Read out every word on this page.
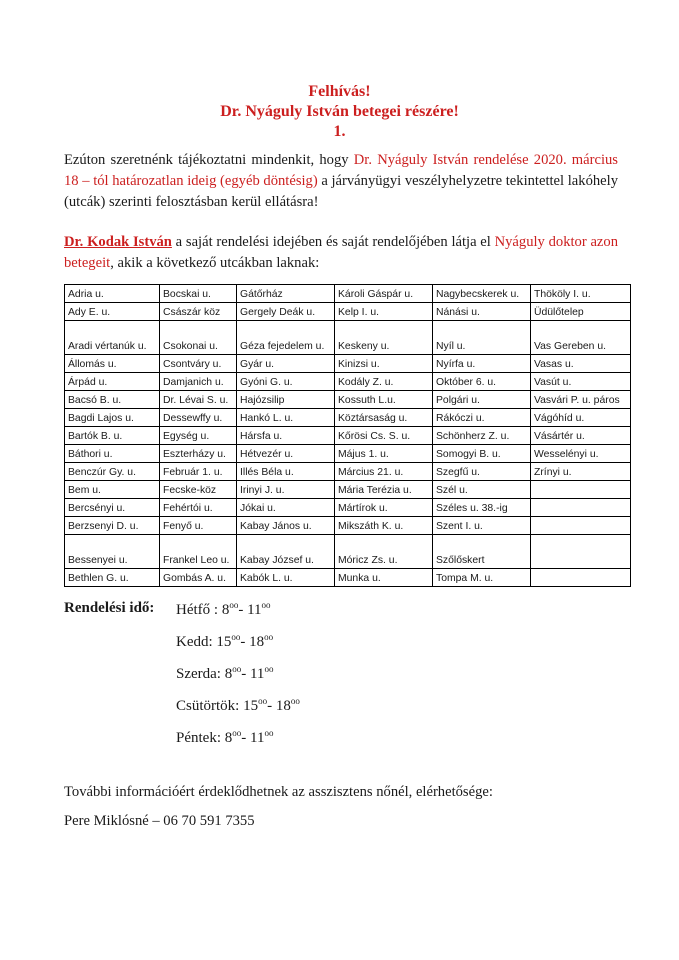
Felhívás!
Dr. Nyáguly István betegei részére!
1.
Ezúton szeretnénk tájékoztatni mindenkit, hogy Dr. Nyáguly István rendelése 2020. március 18 – tól határozatlan ideig (egyéb döntésig) a járványügyi veszélyhelyzetre tekintettel lakóhely (utcák) szerinti felosztásban kerül ellátásra!
Dr. Kodak István a saját rendelési idejében és saját rendelőjében látja el Nyáguly doktor azon betegeit, akik a következő utcákban laknak:
Adria u.	Bocskai u.	Gátőrház	Károli Gáspár u.	Nagybecskerek u.	Thököly I. u.
Ady E. u.	Császár köz	Gergely Deák u.	Kelp I. u.	Nánási u.	Üdülőtelep
Aradi vértanúk u.	Csokonai u.	Géza fejedelem u.	Keskeny u.	Nyíl u.	Vas Gereben u.
Állomás u.	Csontváry u.	Gyár u.	Kinizsi u.	Nyírfa u.	Vasas u.
Árpád u.	Damjanich u.	Gyóni G. u.	Kodály Z. u.	Október 6. u.	Vasút u.
Bacsó B. u.	Dr. Lévai S. u.	Hajózsilip	Kossuth L.u.	Polgári u.	Vasvári P. u. páros
Bagdi Lajos u.	Dessewffy u.	Hankó L. u.	Köztársaság u.	Rákóczi u.	Vágóhíd u.
Bartók B. u.	Egység u.	Hársfa u.	Kőrösi Cs. S. u.	Schönherz Z. u.	Vásártér u.
Báthori u.	Eszterházy u.	Hétvezér u.	Május 1. u.	Somogyi B. u.	Wesselényi u.
Benczúr Gy. u.	Február 1. u.	Illés Béla u.	Március 21. u.	Szegfű u.	Zrínyi u.
Bem u.	Fecske-köz	Irinyi J. u.	Mária Terézia u.	Szél u.	
Bercsényi u.	Fehértói u.	Jókai u.	Mártírok u.	Széles u. 38.-ig	
Berzsenyi D. u.	Fenyő u.	Kabay János u.	Mikszáth K. u.	Szent I. u.	
Bessenyei u.	Frankel Leo u.	Kabay József u.	Móricz Zs. u.	Szőlőskert	
Bethlen G. u.	Gombás A. u.	Kabók L. u.	Munka u.	Tompa M. u.	
Rendelési idő: Hétfő : $8^{oo}-$ $11^{oo}$
Kedd: $15^{oo}-$ $18^{oo}$
Szerda: $8^{oo}-$ $11^{oo}$
Csütörtök: $15^{oo}-$ $18^{oo}$
Péntek: $8^{oo}-$ $11^{oo}$
További információért érdeklődhetnek az asszisztens nőnél, elérhetősége:
Pere Miklósné – 06 70 591 7355
